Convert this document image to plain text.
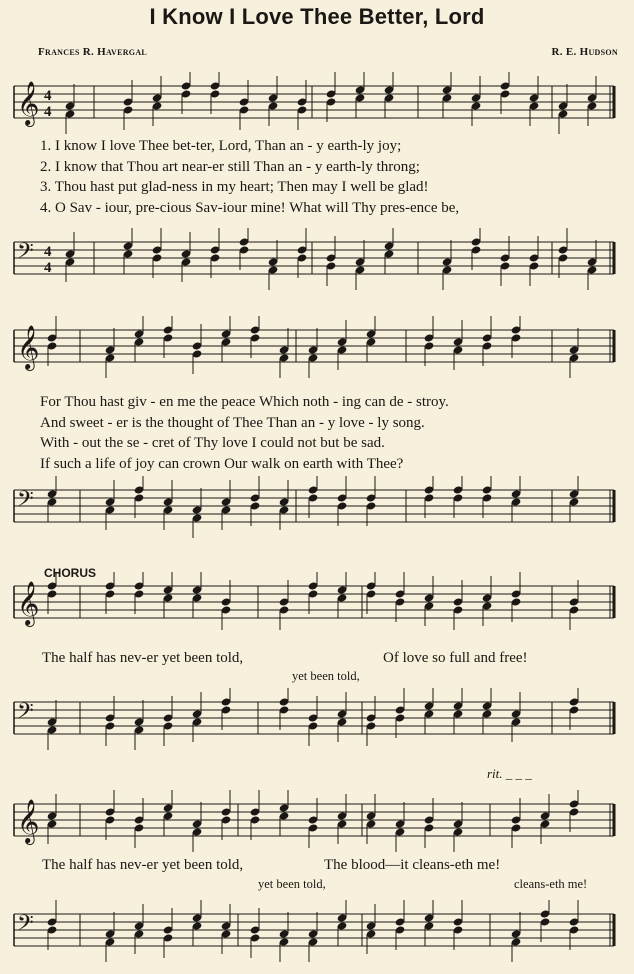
I Know I Love Thee Better, Lord
Frances R. Havergal	R. E. Hudson
𝄞 4
4
𝄢 4
4
𝄞
𝄢
𝄞
𝄢
𝄞
𝄢
1. I know I love Thee bet-ter, Lord, Than an - y earth-ly joy;
2. I know that Thou art near-er still Than an - y earth-ly throng;
3. Thou hast put glad-ness in my heart; Then may I well be glad!
4. O Sav - iour, pre-cious Sav-iour mine! What will Thy pres-ence be,
For Thou hast giv - en me the peace Which noth - ing can de - stroy.
And sweet - er is the thought of Thee Than an - y love - ly song.
With - out the se - cret of Thy love I could not but be sad.
If such a life of joy can crown Our walk on earth with Thee?
CHORUS
The half has nev-er yet been told,	Of love so full and free!
yet been told,
rit. _ _ _
The half has nev-er yet been told,	The blood—it cleans-eth me!
yet been told,	cleans-eth me!
